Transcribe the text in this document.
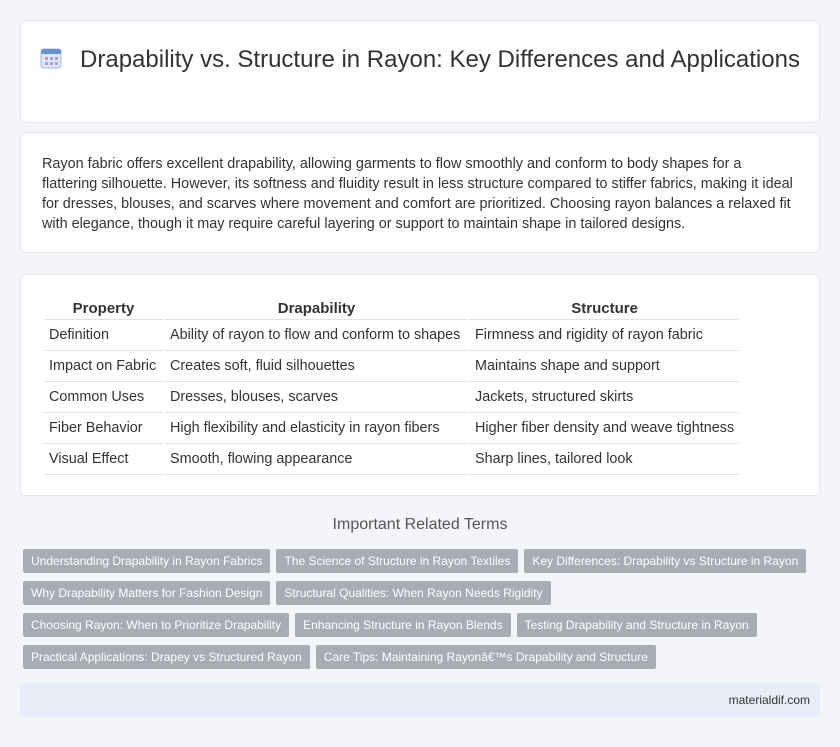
Drapability vs. Structure in Rayon: Key Differences and Applications

Rayon fabric offers excellent drapability, allowing garments to flow smoothly and conform to body shapes for a flattering silhouette. However, its softness and fluidity result in less structure compared to stiffer fabrics, making it ideal for dresses, blouses, and scarves where movement and comfort are prioritized. Choosing rayon balances a relaxed fit with elegance, though it may require careful layering or support to maintain shape in tailored designs.

Property	Drapability	Structure
Definition	Ability of rayon to flow and conform to shapes	Firmness and rigidity of rayon fabric
Impact on Fabric	Creates soft, fluid silhouettes	Maintains shape and support
Common Uses	Dresses, blouses, scarves	Jackets, structured skirts
Fiber Behavior	High flexibility and elasticity in rayon fibers	Higher fiber density and weave tightness
Visual Effect	Smooth, flowing appearance	Sharp lines, tailored look
Important Related Terms
Understanding Drapability in Rayon Fabrics	The Science of Structure in Rayon Textiles	Key Differences: Drapability vs Structure in Rayon
Why Drapability Matters for Fashion Design	Structural Qualities: When Rayon Needs Rigidity
Choosing Rayon: When to Prioritize Drapability	Enhancing Structure in Rayon Blends	Testing Drapability and Structure in Rayon
Practical Applications: Drapey vs Structured Rayon	Care Tips: Maintaining Rayonâ€™s Drapability and Structure
materialdif.com
